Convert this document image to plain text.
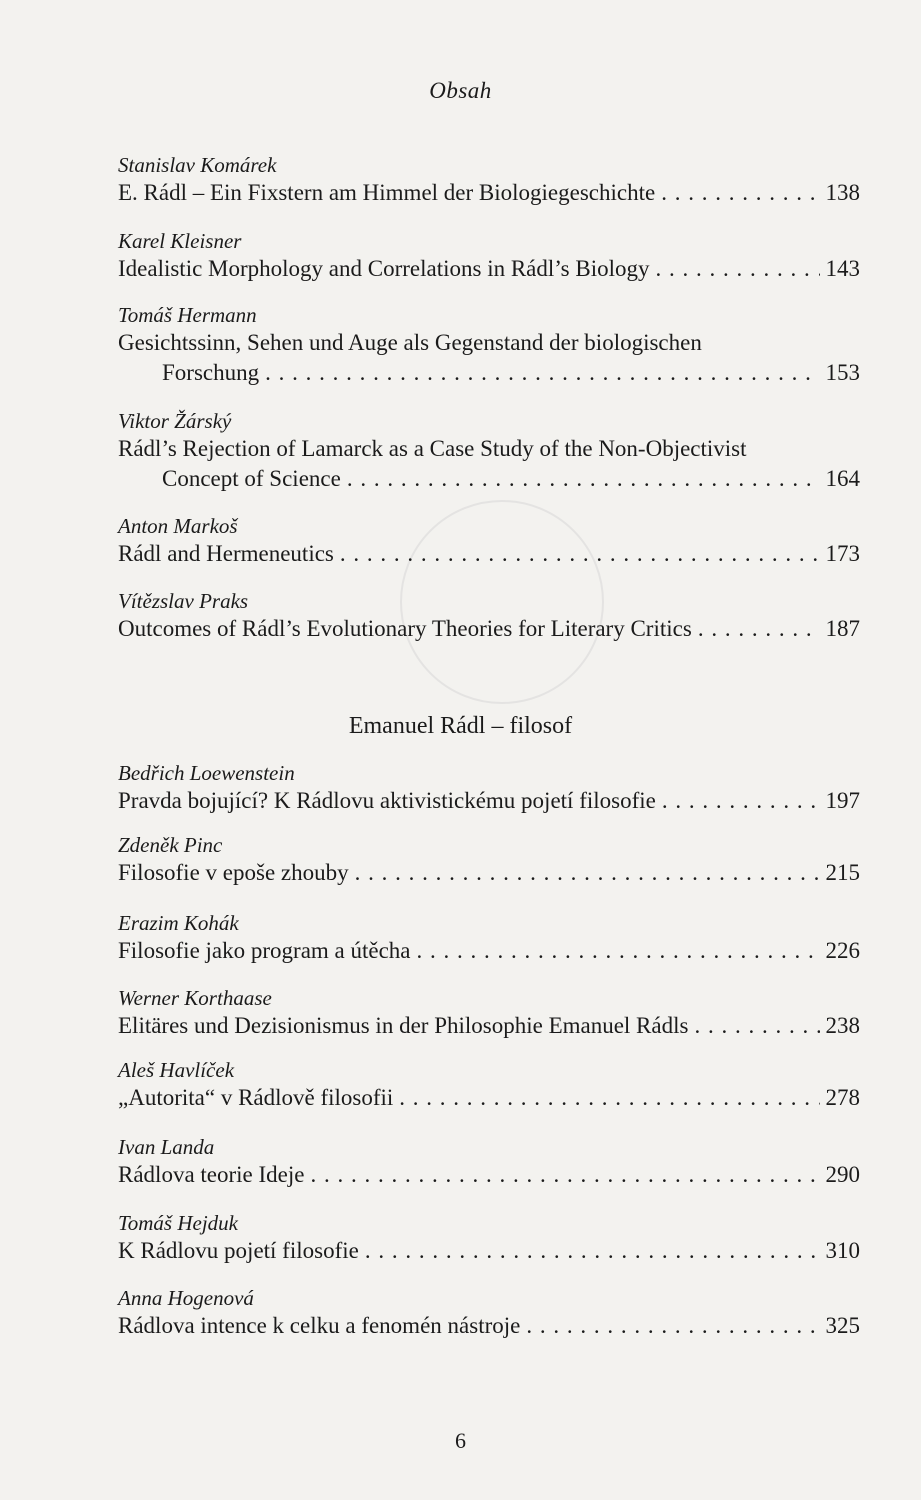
Obsah
Stanislav Komárek
E. Rádl – Ein Fixstern am Himmel der Biologiegeschichte . . .	138
Karel Kleisner
Idealistic Morphology and Correlations in Rádl’s Biology . . .	143
Tomáš Hermann
Gesichtssinn, Sehen und Auge als Gegenstand der biologischen
Forschung . . .	153
Viktor Žárský
Rádl’s Rejection of Lamarck as a Case Study of the Non-Objectivist
Concept of Science . . .	164
Anton Markoš
Rádl and Hermeneutics . . .	173
Vítězslav Praks
Outcomes of Rádl’s Evolutionary Theories for Literary Critics . . .	187
Emanuel Rádl – filosof
Bedřich Loewenstein
Pravda bojující? K Rádlovu aktivistickému pojetí filosofie . . .	197
Zdeněk Pinc
Filosofie v epoše zhouby . . .	215
Erazim Kohák
Filosofie jako program a útěcha . . .	226
Werner Korthaase
Elitäres und Dezisionismus in der Philosophie Emanuel Rádls . . .	238
Aleš Havlíček
„Autorita“ v Rádlově filosofii . . .	278
Ivan Landa
Rádlova teorie Ideje . . .	290
Tomáš Hejduk
K Rádlovu pojetí filosofie . . .	310
Anna Hogenová
Rádlova intence k celku a fenomén nástroje . . .	325
6
